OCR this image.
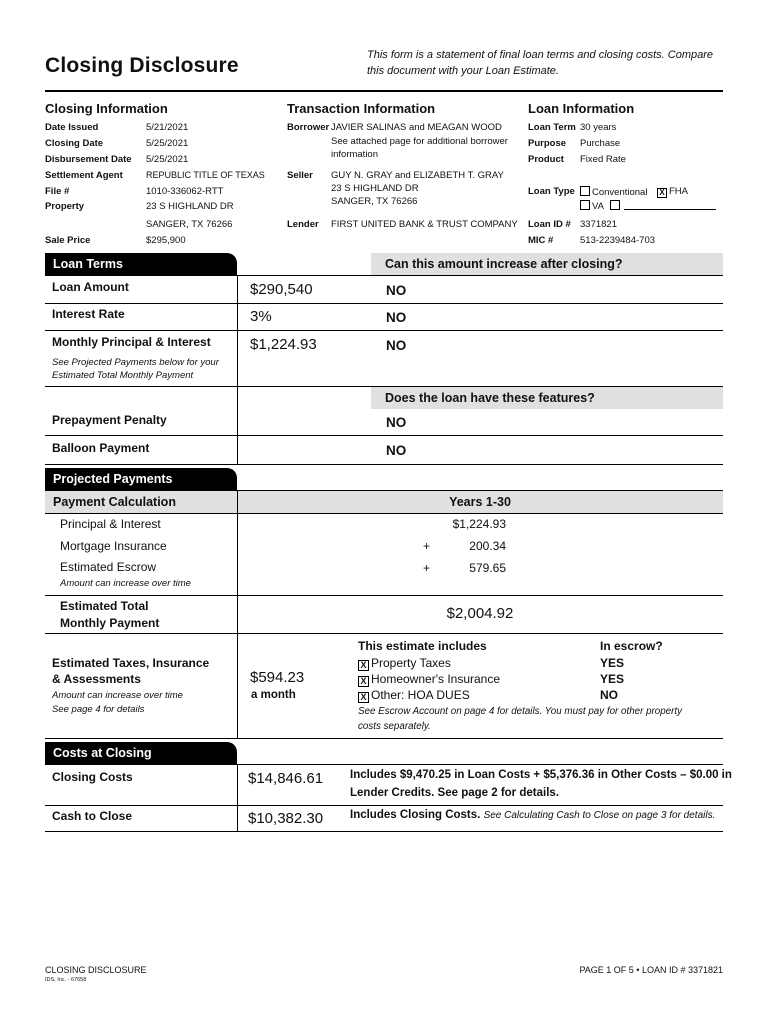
Closing Disclosure	This form is a statement of final loan terms and closing costs. Compare this document with your Loan Estimate.
Closing Information
Date Issued	5/21/2021
Closing Date	5/25/2021
Disbursement Date 5/25/2021
Settlement Agent	REPUBLIC TITLE OF TEXAS
File #	1010-336062-RTT
Property	23 S HIGHLAND DR
SANGER, TX 76266
Sale Price	$295,900
Transaction Information
Borrower JAVIER SALINAS and MEAGAN WOOD
See attached page for additional borrower
information
Seller GUY N. GRAY and ELIZABETH T. GRAY
23 S HIGHLAND DR
SANGER, TX 76266
Lender FIRST UNITED BANK & TRUST COMPANY
Loan Information
Loan Term 30 years
Purpose Purchase
Product Fixed Rate
Loan Type	Conventional X FHA
VA
Loan ID # 3371821
MIC #	513-2239484-703
Loan Terms	Can this amount increase after closing?
Loan Amount	$290,540	NO
Interest Rate	3%	NO
Monthly Principal & Interest
See Projected Payments below for your
Estimated Total Monthly Payment
$1,224.93	NO
Does the loan have these features?
Prepayment Penalty	NO
Balloon Payment	NO
Projected Payments
Payment Calculation	Years 1-30
Principal & Interest	$1,224.93
Mortgage Insurance	+	200.34
Estimated Escrow
Amount can increase over time
+	579.65
Estimated Total
Monthly Payment
$2,004.92
Estimated Taxes, Insurance
& Assessments
Amount can increase over time
See page 4 for details
$594.23
a month
This estimate includes	In escrow?
X Property Taxes	YES
X Homeowner's Insurance	YES
X Other: HOA DUES	NO
See Escrow Account on page 4 for details. You must pay for other property
costs separately.
Costs at Closing
Closing Costs	$14,846.61 Includes $9,470.25 in Loan Costs + $5,376.36 in Other Costs – $0.00 in
Lender Credits. See page 2 for details.
Cash to Close	$10,382.30 Includes Closing Costs. See Calculating Cash to Close on page 3 for details.
CLOSING DISCLOSURE
IDS, Inc. - 67658
PAGE 1 OF 5 • LOAN ID # 3371821
